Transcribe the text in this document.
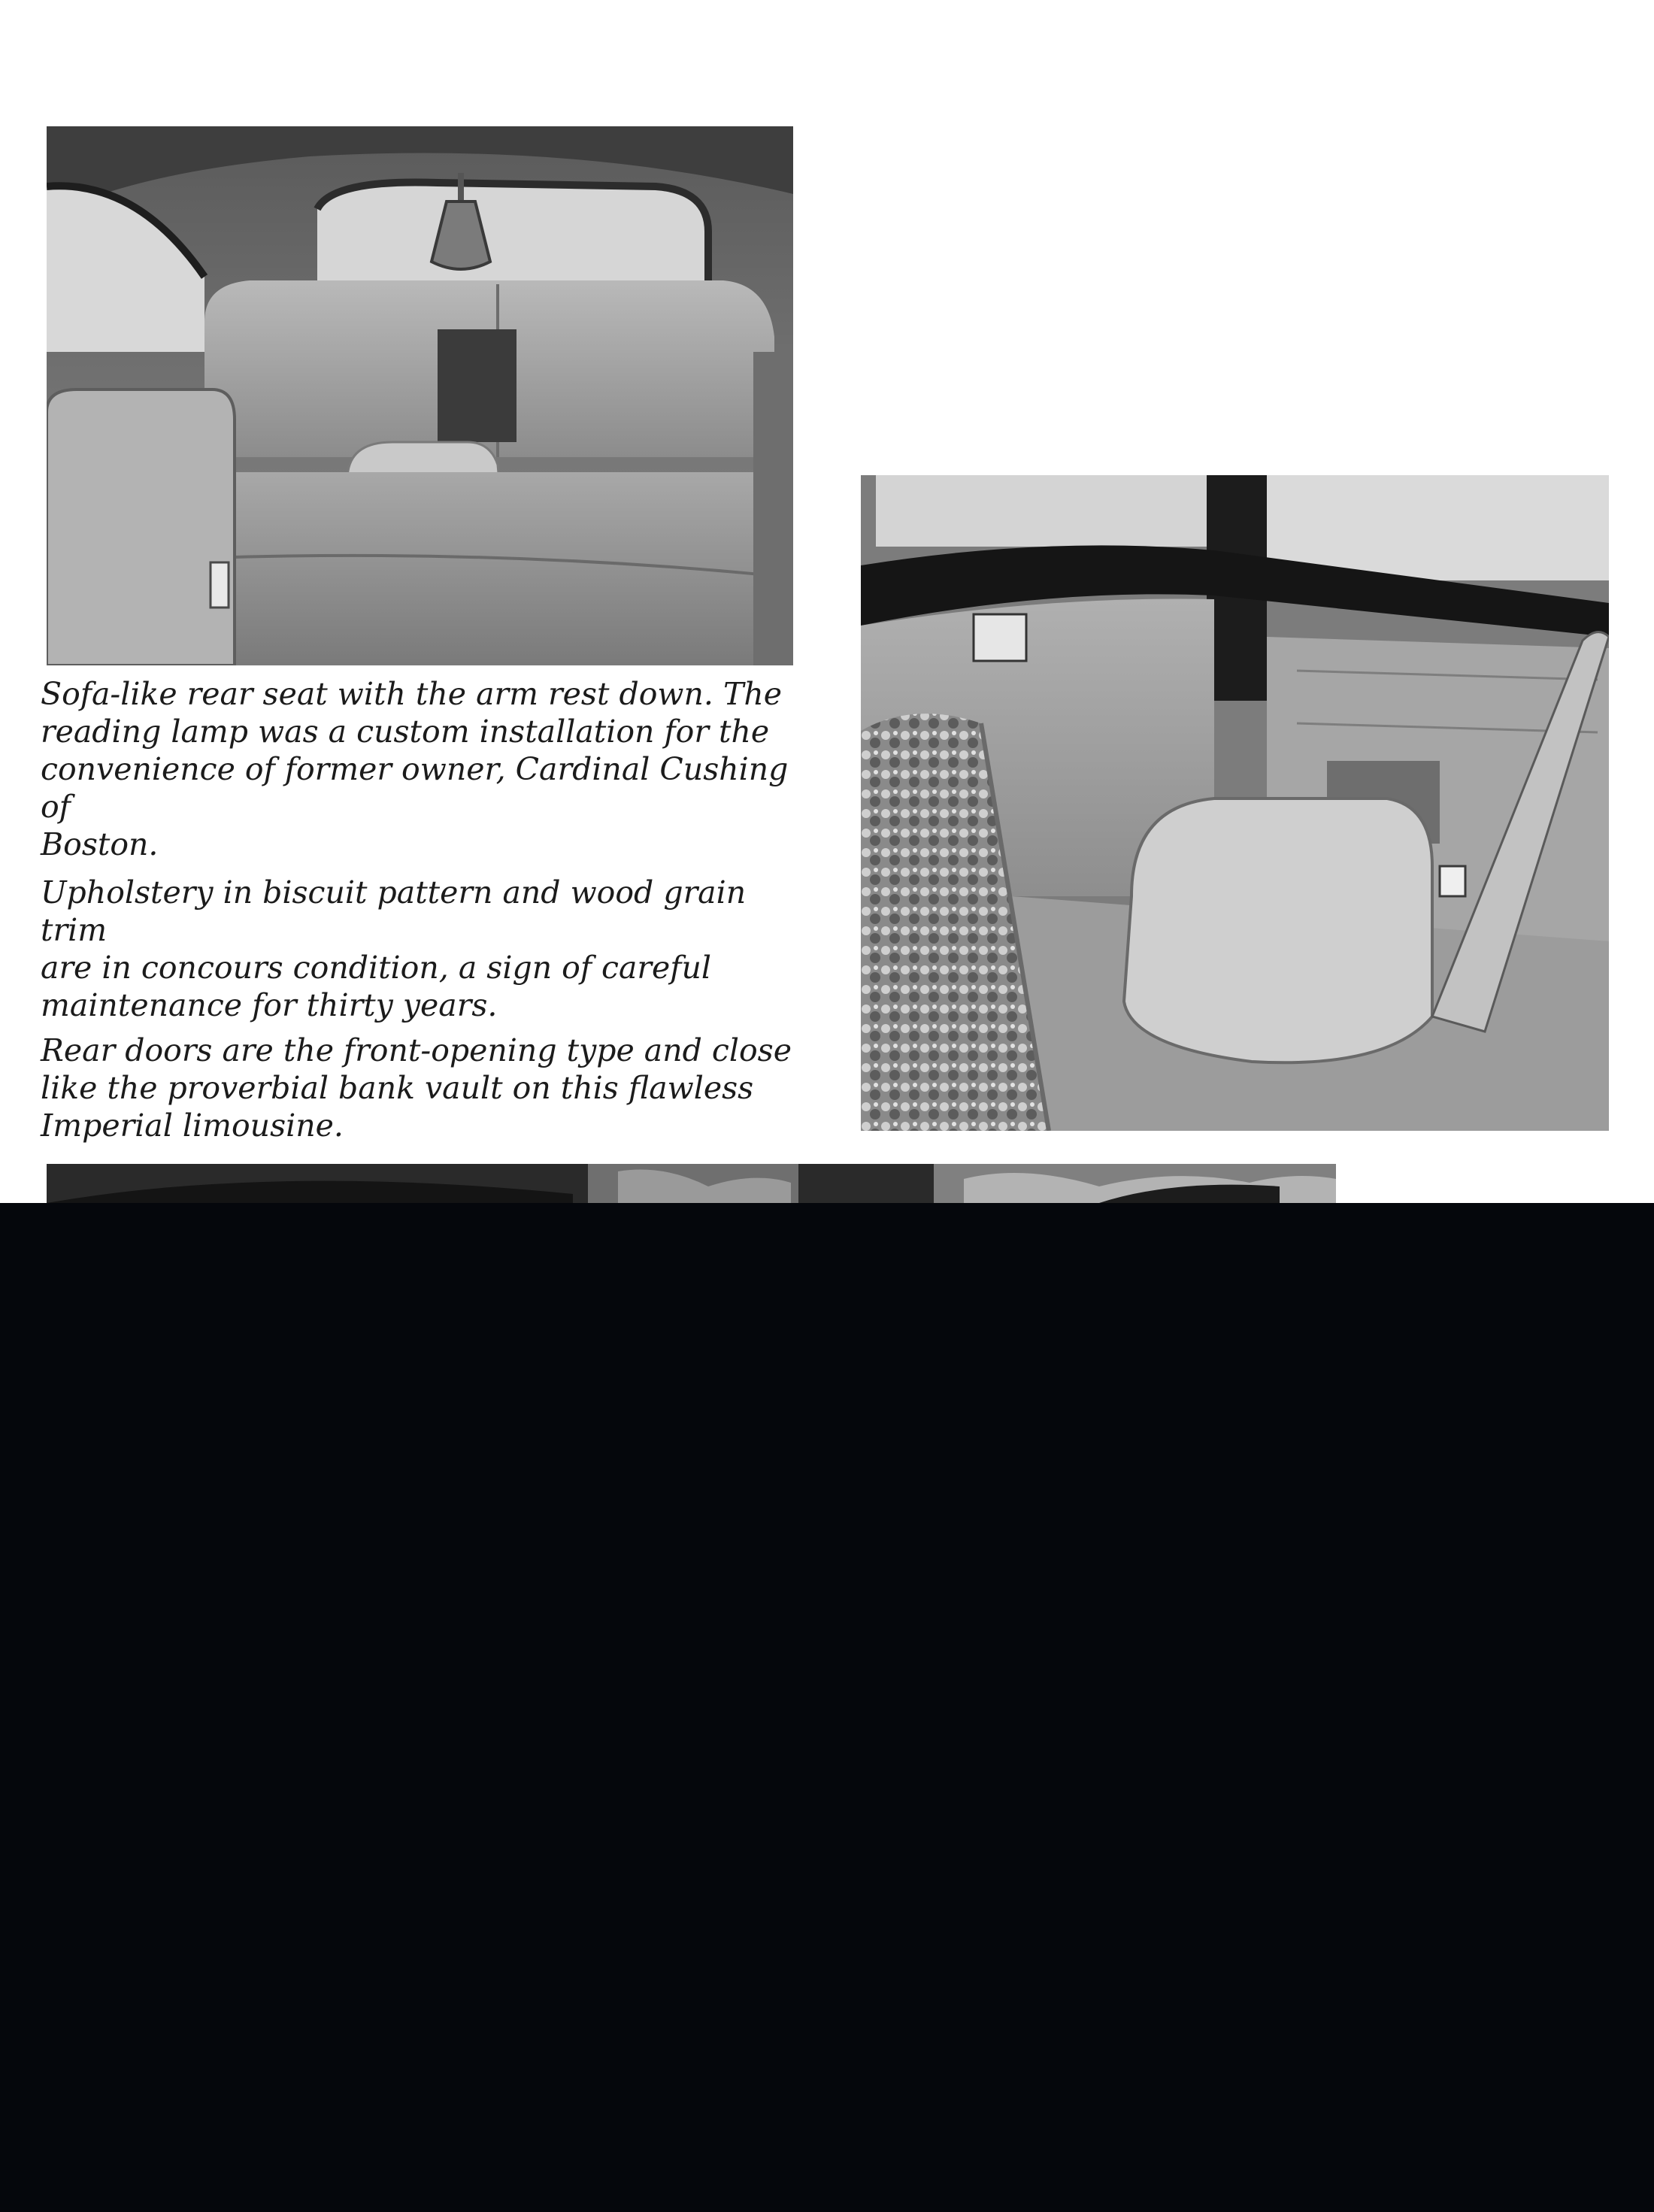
Sofa-like rear seat with the arm rest down. The
reading lamp was a custom installation for the
convenience of former owner, Cardinal Cushing of
Boston.

Upholstery in biscuit pattern and wood grain trim
are in concours condition, a sign of careful
maintenance for thirty years.

Rear doors are the front-opening type and close
like the proverbial bank vault on this flawless
Imperial limousine.
